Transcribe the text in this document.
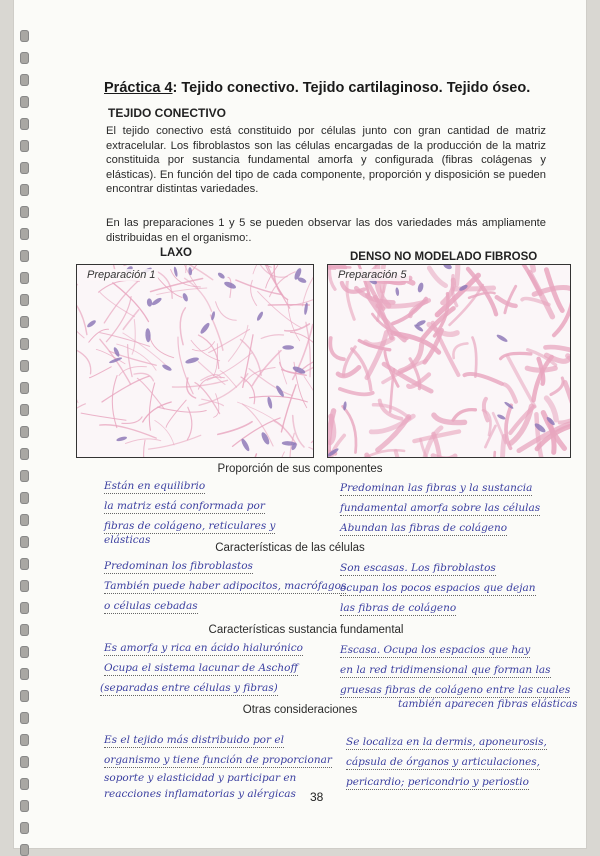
Práctica 4: Tejido conectivo. Tejido cartilaginoso. Tejido óseo.
TEJIDO CONECTIVO
El tejido conectivo está constituido por células junto con gran cantidad de matriz extracelular. Los fibroblastos son las células encargadas de la producción de la matriz constituida por sustancia fundamental amorfa y configurada (fibras colágenas y elásticas). En función del tipo de cada componente, proporción y disposición se pueden encontrar distintas variedades.
En las preparaciones 1 y 5 se pueden observar las dos variedades más ampliamente distribuidas en el organismo:.
LAXO	DENSO NO MODELADO FIBROSO
Preparación 1	Preparación 5
Proporción de sus componentes
Características de las células
Características sustancia fundamental
Otras consideraciones
Están en equilibrio
la matriz está conformada por
fibras de colágeno, reticulares y
elásticas
Predominan las fibras y la sustancia
fundamental amorfa sobre las células
Abundan las fibras de colágeno
Predominan los fibroblastos
También puede haber adipocitos, macrófagos
o células cebadas
Son escasas. Los fibroblastos
ocupan los pocos espacios que dejan
las fibras de colágeno
Es amorfa y rica en ácido hialurónico
Ocupa el sistema lacunar de Aschoff
(separadas entre células y fibras)
Escasa. Ocupa los espacios que hay
en la red tridimensional que forman las
gruesas fibras de colágeno entre las cuales
también aparecen fibras elásticas
Es el tejido más distribuido por el
organismo y tiene función de proporcionar
soporte y elasticidad y participar en
reacciones inflamatorias y alérgicas
Se localiza en la dermis, aponeurosis,
cápsula de órganos y articulaciones,
pericardio; pericondrio y periostio
38
